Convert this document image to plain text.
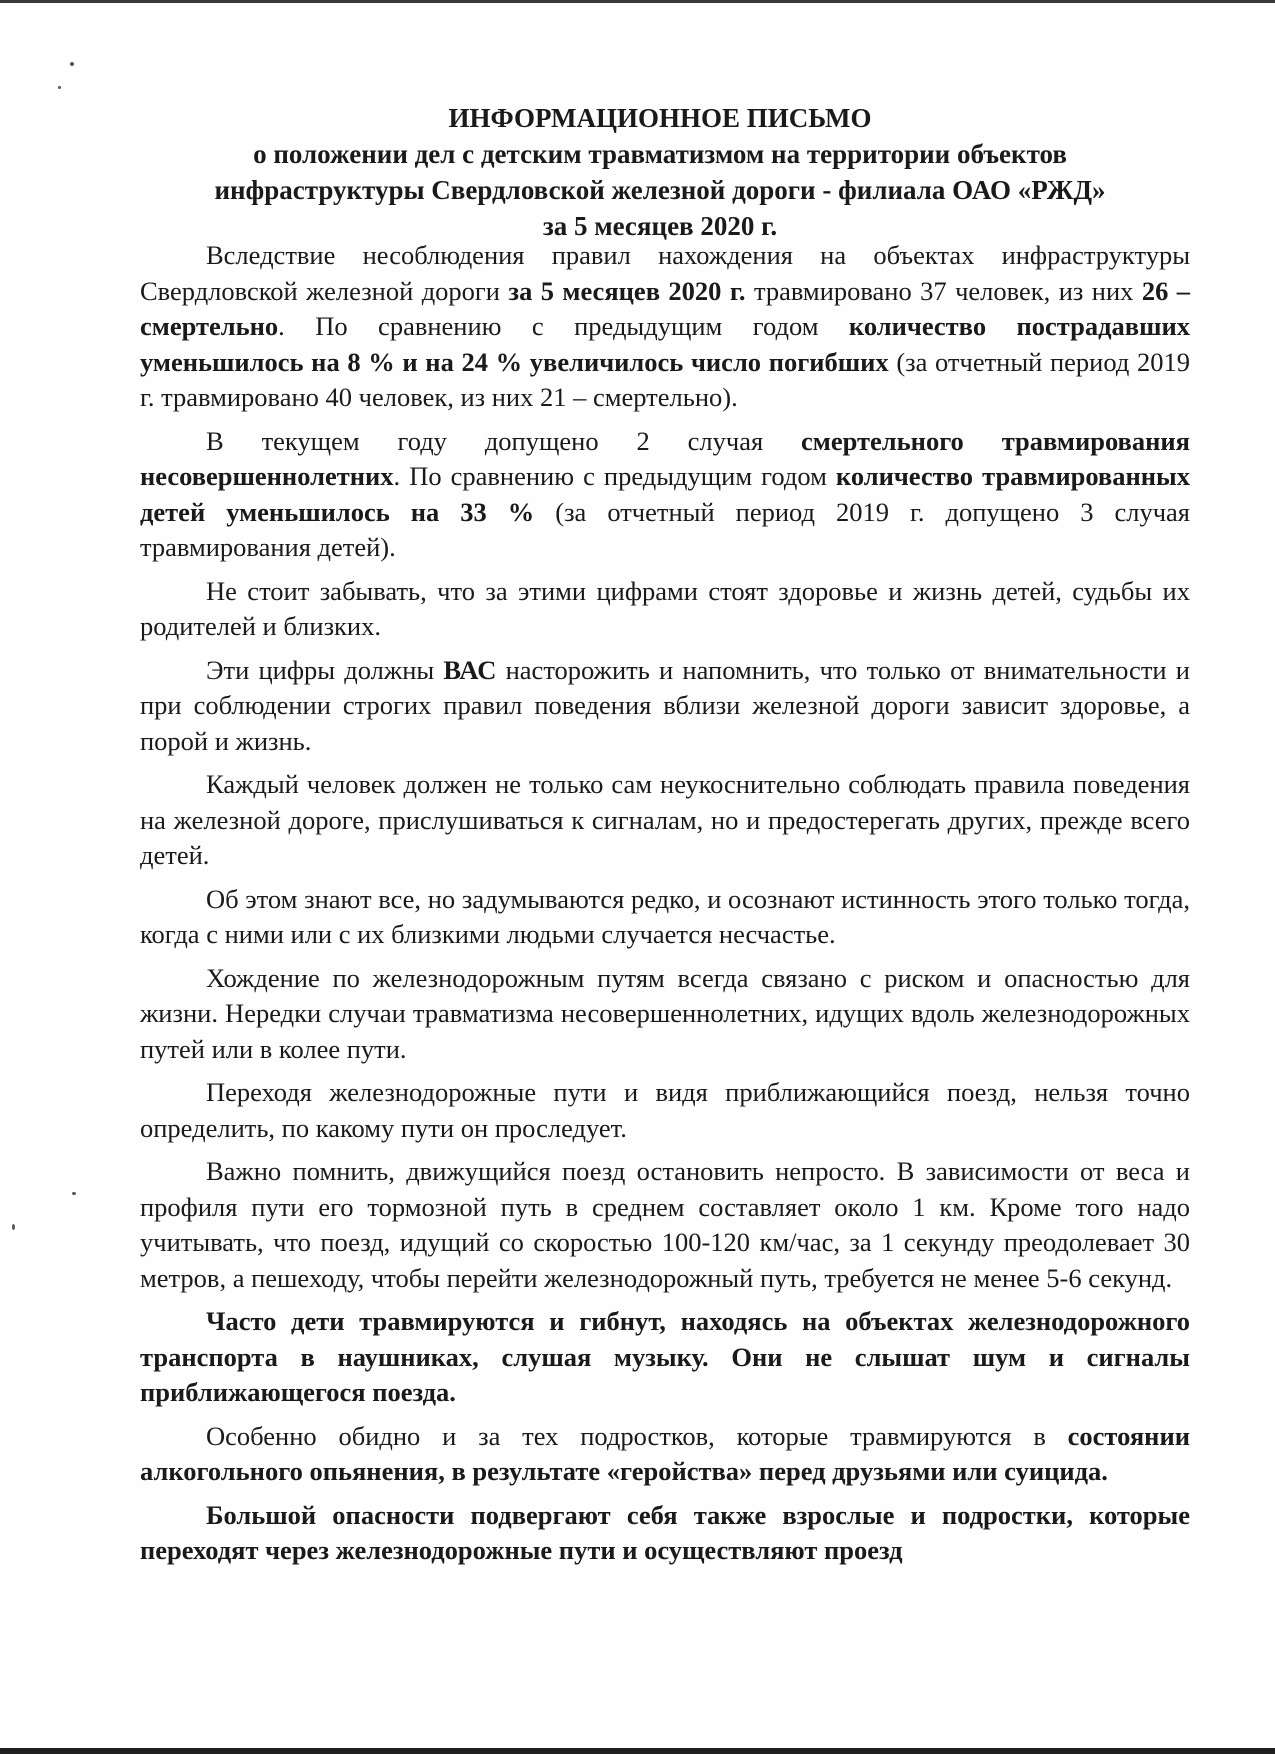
ИНФОРМАЦИОННОЕ ПИСЬМО
о положении дел с детским травматизмом на территории объектов
инфраструктуры Свердловской железной дороги - филиала ОАО «РЖД»
за 5 месяцев 2020 г.

Вследствие несоблюдения правил нахождения на объектах инфраструктуры Свердловской железной дороги за 5 месяцев 2020 г. травмировано 37 человек, из них 26 – смертельно. По сравнению с предыдущим годом количество пострадавших уменьшилось на 8 % и на 24 % увеличилось число погибших (за отчетный период 2019 г. травмировано 40 человек, из них 21 – смертельно).

В текущем году допущено 2 случая смертельного травмирования несовершеннолетних. По сравнению с предыдущим годом количество травмированных детей уменьшилось на 33 % (за отчетный период 2019 г. допущено 3 случая травмирования детей).

Не стоит забывать, что за этими цифрами стоят здоровье и жизнь детей, судьбы их родителей и близких.

Эти цифры должны ВАС насторожить и напомнить, что только от внимательности и при соблюдении строгих правил поведения вблизи железной дороги зависит здоровье, а порой и жизнь.

Каждый человек должен не только сам неукоснительно соблюдать правила поведения на железной дороге, прислушиваться к сигналам, но и предостерегать других, прежде всего детей.

Об этом знают все, но задумываются редко, и осознают истинность этого только тогда, когда с ними или с их близкими людьми случается несчастье.

Хождение по железнодорожным путям всегда связано с риском и опасностью для жизни. Нередки случаи травматизма несовершеннолетних, идущих вдоль железнодорожных путей или в колее пути.

Переходя железнодорожные пути и видя приближающийся поезд, нельзя точно определить, по какому пути он проследует.

Важно помнить, движущийся поезд остановить непросто. В зависимости от веса и профиля пути его тормозной путь в среднем составляет около 1 км. Кроме того надо учитывать, что поезд, идущий со скоростью 100-120 км/час, за 1 секунду преодолевает 30 метров, а пешеходу, чтобы перейти железнодорожный путь, требуется не менее 5-6 секунд.

Часто дети травмируются и гибнут, находясь на объектах железнодорожного транспорта в наушниках, слушая музыку. Они не слышат шум и сигналы приближающегося поезда.

Особенно обидно и за тех подростков, которые травмируются в состоянии алкогольного опьянения, в результате «геройства» перед друзьями или суицида.

Большой опасности подвергают себя также взрослые и подростки, которые переходят через железнодорожные пути и осуществляют проезд
